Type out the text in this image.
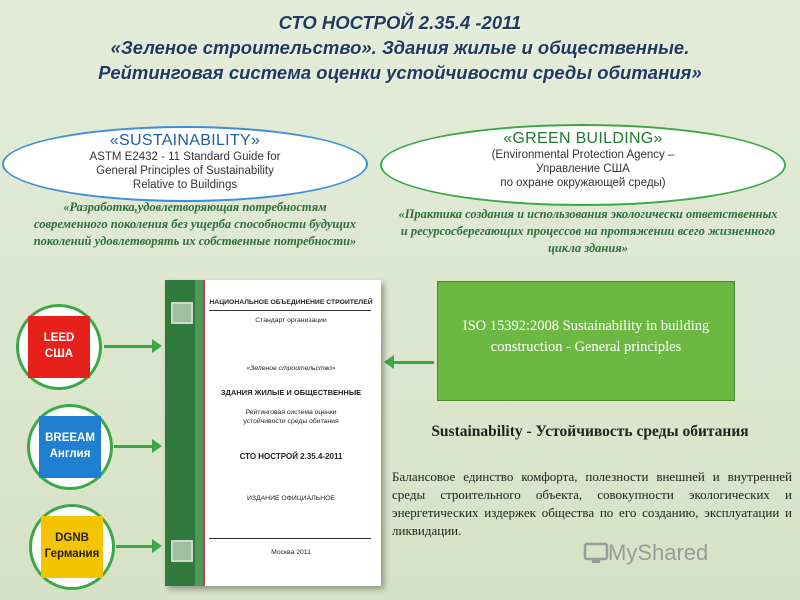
СТО НОСТРОЙ 2.35.4 -2011
«Зеленое строительство». Здания жилые и общественные.
Рейтинговая система оценки устойчивости среды обитания»
«SUSTAINABILITY»
ASTM E2432 - 11 Standard Guide for
General Principles of Sustainability
Relative to Buildings
«Разработка,удовлетворяющая потребностям современного поколения без ущерба способности будущих поколений удовлетворять их собственные потребности»
«GREEN BUILDING»
(Environmental Protection Agency –
Управление США
по охране окружающей среды)
«Практика создания и использования экологически ответственных и ресурсосберегающих процессов на протяжении всего жизненного цикла здания»
LEED
США
BREEAM
Англия
DGNB
Германия
НАЦИОНАЛЬНОЕ ОБЪЕДИНЕНИЕ СТРОИТЕЛЕЙ
Стандарт организации
«Зеленое строительство»
ЗДАНИЯ ЖИЛЫЕ И ОБЩЕСТВЕННЫЕ
Рейтинговая система оценки
устойчивости среды обитания
СТО НОСТРОЙ 2.35.4-2011
ИЗДАНИЕ ОФИЦИАЛЬНОЕ
Москва 2011
ISO 15392:2008 Sustainability in building construction - General principles
Sustainability - Устойчивость среды обитания
Балансовое единство комфорта, полезности внешней и внутренней среды строительного объекта, совокупности экологических и энергетических издержек общества по его созданию, эксплуатации и ликвидации.
MyShared
